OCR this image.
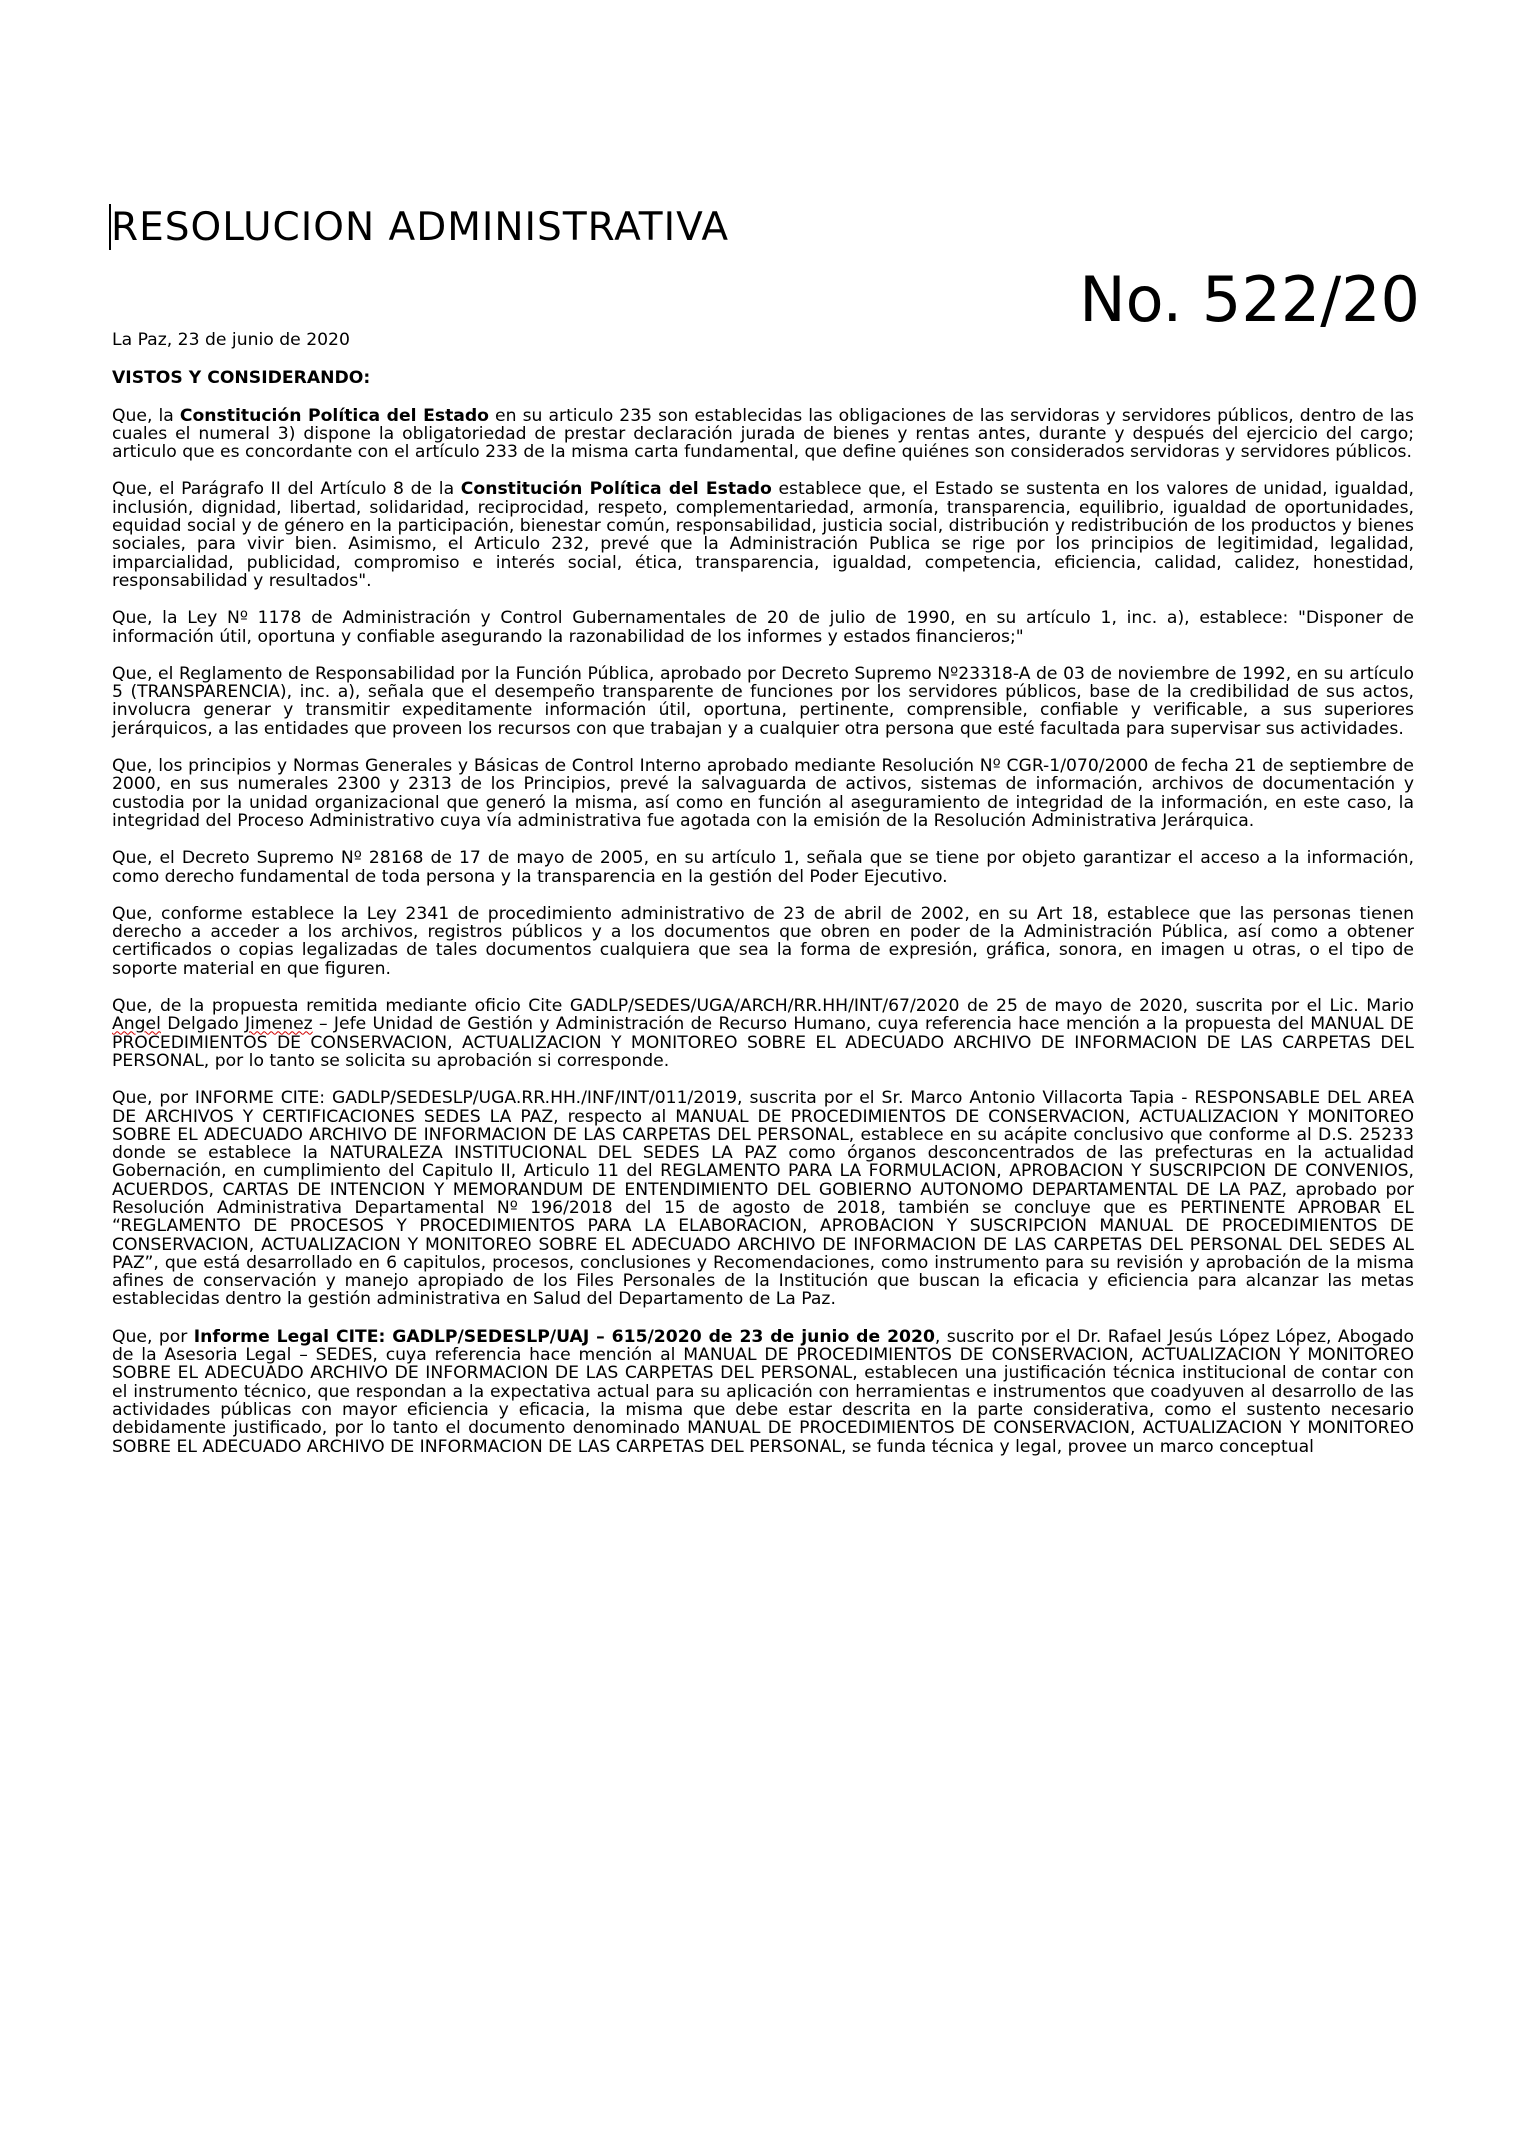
RESOLUCION ADMINISTRATIVA
No. 522/20

La Paz, 23 de junio de 2020

VISTOS Y CONSIDERANDO:

Que, la Constitución Política del Estado en su articulo 235 son establecidas las obligaciones de las servidoras y servidores públicos, dentro de las cuales el numeral 3) dispone la obligatoriedad de prestar declaración jurada de bienes y rentas antes, durante y después del ejercicio del cargo; articulo que es concordante con el artículo 233 de la misma carta fundamental, que define quiénes son considerados servidoras y servidores públicos.

Que, el Parágrafo II del Artículo 8 de la Constitución Política del Estado establece que, el Estado se sustenta en los valores de unidad, igualdad, inclusión, dignidad, libertad, solidaridad, reciprocidad, respeto, complementariedad, armonía, transparencia, equilibrio, igualdad de oportunidades, equidad social y de género en la participación, bienestar común, responsabilidad, justicia social, distribución y redistribución de los productos y bienes sociales, para vivir bien. Asimismo, el Articulo 232, prevé que la Administración Publica se rige por los principios de legitimidad, legalidad, imparcialidad, publicidad, compromiso e interés social, ética, transparencia, igualdad, competencia, eficiencia, calidad, calidez, honestidad, responsabilidad y resultados".

Que, la Ley Nº 1178 de Administración y Control Gubernamentales de 20 de julio de 1990, en su artículo 1, inc. a), establece: "Disponer de información útil, oportuna y confiable asegurando la razonabilidad de los informes y estados financieros;"

Que, el Reglamento de Responsabilidad por la Función Pública, aprobado por Decreto Supremo Nº23318-A de 03 de noviembre de 1992, en su artículo 5 (TRANSPARENCIA), inc. a), señala que el desempeño transparente de funciones por los servidores públicos, base de la credibilidad de sus actos, involucra generar y transmitir expeditamente información útil, oportuna, pertinente, comprensible, confiable y verificable, a sus superiores jerárquicos, a las entidades que proveen los recursos con que trabajan y a cualquier otra persona que esté facultada para supervisar sus actividades.

Que, los principios y Normas Generales y Básicas de Control Interno aprobado mediante Resolución Nº CGR-1/070/2000 de fecha 21 de septiembre de 2000, en sus numerales 2300 y 2313 de los Principios, prevé la salvaguarda de activos, sistemas de información, archivos de documentación y custodia por la unidad organizacional que generó la misma, así como en función al aseguramiento de integridad de la información, en este caso, la integridad del Proceso Administrativo cuya vía administrativa fue agotada con la emisión de la Resolución Administrativa Jerárquica.

Que, el Decreto Supremo Nº 28168 de 17 de mayo de 2005, en su artículo 1, señala que se tiene por objeto garantizar el acceso a la información, como derecho fundamental de toda persona y la transparencia en la gestión del Poder Ejecutivo.

Que, conforme establece la Ley 2341 de procedimiento administrativo de 23 de abril de 2002, en su Art 18, establece que las personas tienen derecho a acceder a los archivos, registros públicos y a los documentos que obren en poder de la Administración Pública, así como a obtener certificados o copias legalizadas de tales documentos cualquiera que sea la forma de expresión, gráfica, sonora, en imagen u otras, o el tipo de soporte material en que figuren.

Que, de la propuesta remitida mediante oficio Cite GADLP/SEDES/UGA/ARCH/RR.HH/INT/67/2020 de 25 de mayo de 2020, suscrita por el Lic. Mario Angel Delgado Jimenez – Jefe Unidad de Gestión y Administración de Recurso Humano, cuya referencia hace mención a la propuesta del MANUAL DE PROCEDIMIENTOS DE CONSERVACION, ACTUALIZACION Y MONITOREO SOBRE EL ADECUADO ARCHIVO DE INFORMACION DE LAS CARPETAS DEL PERSONAL, por lo tanto se solicita su aprobación si corresponde.

Que, por INFORME CITE: GADLP/SEDESLP/UGA.RR.HH./INF/INT/011/2019, suscrita por el Sr. Marco Antonio Villacorta Tapia - RESPONSABLE DEL AREA DE ARCHIVOS Y CERTIFICACIONES SEDES LA PAZ, respecto al MANUAL DE PROCEDIMIENTOS DE CONSERVACION, ACTUALIZACION Y MONITOREO SOBRE EL ADECUADO ARCHIVO DE INFORMACION DE LAS CARPETAS DEL PERSONAL, establece en su acápite conclusivo que conforme al D.S. 25233 donde se establece la NATURALEZA INSTITUCIONAL DEL SEDES LA PAZ como órganos desconcentrados de las prefecturas en la actualidad Gobernación, en cumplimiento del Capitulo II, Articulo 11 del REGLAMENTO PARA LA FORMULACION, APROBACION Y SUSCRIPCION DE CONVENIOS, ACUERDOS, CARTAS DE INTENCION Y MEMORANDUM DE ENTENDIMIENTO DEL GOBIERNO AUTONOMO DEPARTAMENTAL DE LA PAZ, aprobado por Resolución Administrativa Departamental Nº 196/2018 del 15 de agosto de 2018, también se concluye que es PERTINENTE APROBAR EL “REGLAMENTO DE PROCESOS Y PROCEDIMIENTOS PARA LA ELABORACION, APROBACION Y SUSCRIPCION MANUAL DE PROCEDIMIENTOS DE CONSERVACION, ACTUALIZACION Y MONITOREO SOBRE EL ADECUADO ARCHIVO DE INFORMACION DE LAS CARPETAS DEL PERSONAL DEL SEDES AL PAZ”, que está desarrollado en 6 capitulos, procesos, conclusiones y Recomendaciones, como instrumento para su revisión y aprobación de la misma afines de conservación y manejo apropiado de los Files Personales de la Institución que buscan la eficacia y eficiencia para alcanzar las metas establecidas dentro la gestión administrativa en Salud del Departamento de La Paz.

Que, por Informe Legal CITE: GADLP/SEDESLP/UAJ – 615/2020 de 23 de junio de 2020, suscrito por el Dr. Rafael Jesús López López, Abogado de la Asesoria Legal – SEDES, cuya referencia hace mención al MANUAL DE PROCEDIMIENTOS DE CONSERVACION, ACTUALIZACION Y MONITOREO SOBRE EL ADECUADO ARCHIVO DE INFORMACION DE LAS CARPETAS DEL PERSONAL, establecen una justificación técnica institucional de contar con el instrumento técnico, que respondan a la expectativa actual para su aplicación con herramientas e instrumentos que coadyuven al desarrollo de las actividades públicas con mayor eficiencia y eficacia, la misma que debe estar descrita en la parte considerativa, como el sustento necesario debidamente justificado, por lo tanto el documento denominado MANUAL DE PROCEDIMIENTOS DE CONSERVACION, ACTUALIZACION Y MONITOREO SOBRE EL ADECUADO ARCHIVO DE INFORMACION DE LAS CARPETAS DEL PERSONAL, se funda técnica y legal, provee un marco conceptual
